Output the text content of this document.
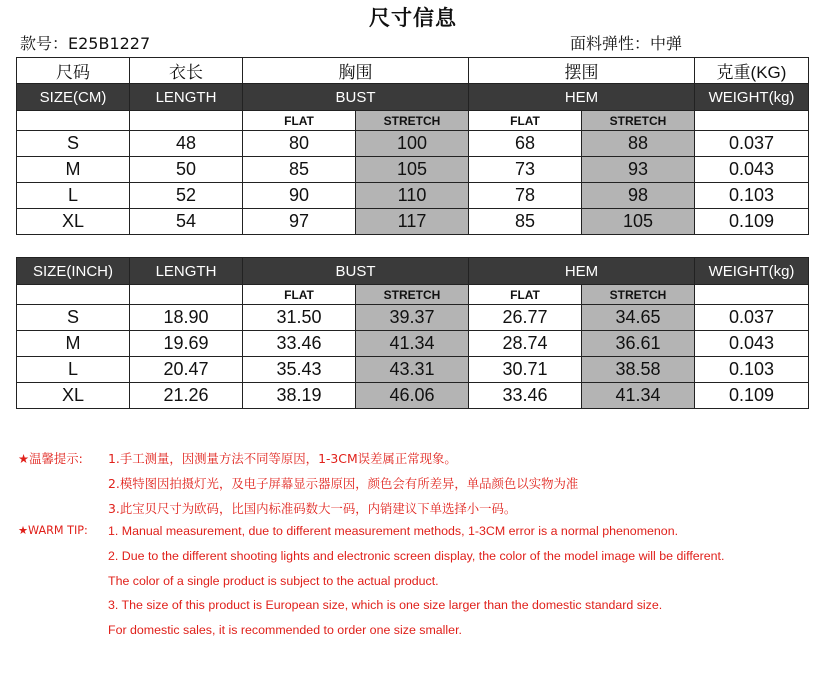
尺寸信息
款号：E25B1227	面料弹性：中弹
尺码	衣长	胸围		摆围		克重(KG)
SIZE(CM)	LENGTH	BUST		HEM		WEIGHT(kg)
		FLAT	STRETCH	FLAT	STRETCH	
S	48	80	100	68	88	0.037
M	50	85	105	73	93	0.043
L	52	90	110	78	98	0.103
XL	54	97	117	85	105	0.109
SIZE(INCH)	LENGTH	BUST		HEM		WEIGHT(kg)
		FLAT	STRETCH	FLAT	STRETCH	
S	18.90	31.50	39.37	26.77	34.65	0.037
M	19.69	33.46	41.34	28.74	36.61	0.043
L	20.47	35.43	43.31	30.71	38.58	0.103
XL	21.26	38.19	46.06	33.46	41.34	0.109
★温馨提示: 1.手工测量，因测量方法不同等原因，1-3CM误差属正常现象。
2.模特图因拍摄灯光，及电子屏幕显示器原因，颜色会有所差异，单品颜色以实物为准
3.此宝贝尺寸为欧码，比国内标准码数大一码，内销建议下单选择小一码。
★WARM TIP: 1. Manual measurement, due to different measurement methods, 1-3CM error is a normal phenomenon.
2. Due to the different shooting lights and electronic screen display, the color of the model image will be different.
The color of a single product is subject to the actual product.
3. The size of this product is European size, which is one size larger than the domestic standard size.
For domestic sales, it is recommended to order one size smaller.
